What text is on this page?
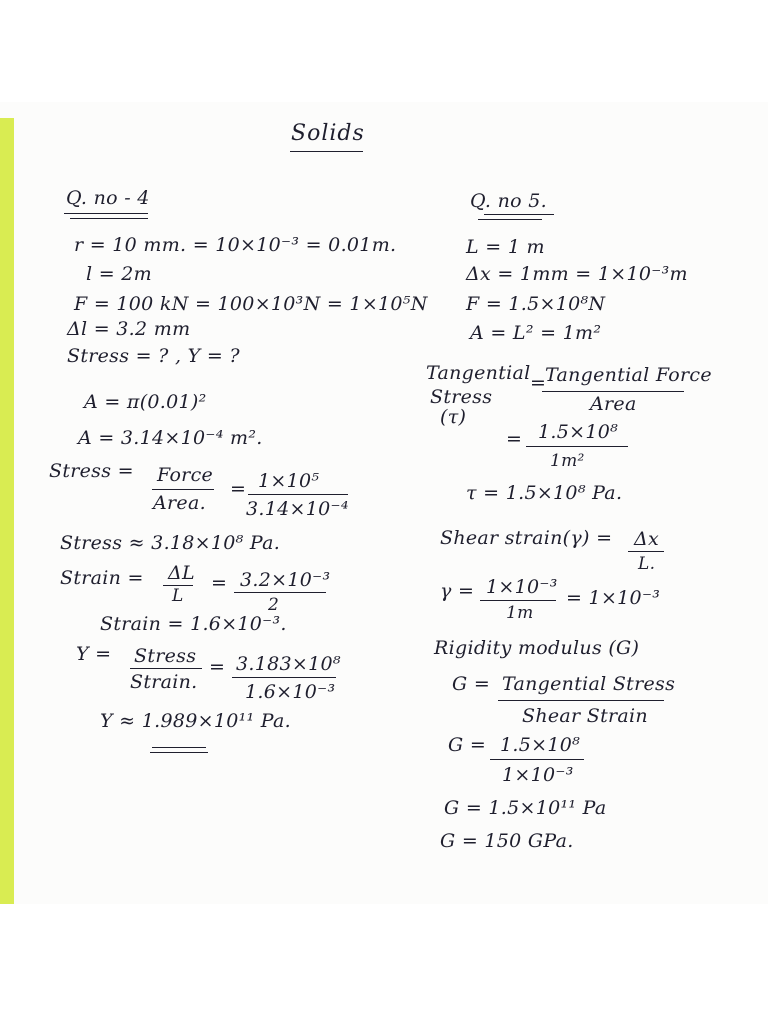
Solids
Q. no - 4
r = 10 mm. = 10×10⁻³ = 0.01m.
l = 2m
F = 100 kN = 100×10³N = 1×10⁵N
Δl = 3.2 mm
Stress = ? , Y = ?
A = π(0.01)²
A = 3.14×10⁻⁴ m².
Stress = Force
Area.
= 1×10⁵
3.14×10⁻⁴
Stress ≈ 3.18×10⁸ Pa.
Strain = ΔL
L
= 3.2×10⁻³
2
Strain = 1.6×10⁻³.
Y = Stress
Strain.
= 3.183×10⁸
1.6×10⁻³
Y ≈ 1.989×10¹¹ Pa.
Q. no 5.
L = 1 m
Δx = 1mm = 1×10⁻³m
F = 1.5×10⁸N
A = L² = 1m²
Tangential
Stress
(τ)
=
Tangential Force
Area
= 1.5×10⁸
1m²
τ = 1.5×10⁸ Pa.
Shear strain(γ) = Δx
L.
γ = 1×10⁻³
1m
= 1×10⁻³
Rigidity modulus (G)
G = Tangential Stress
Shear Strain
G = 1.5×10⁸
1×10⁻³
G = 1.5×10¹¹ Pa
G = 150 GPa.
